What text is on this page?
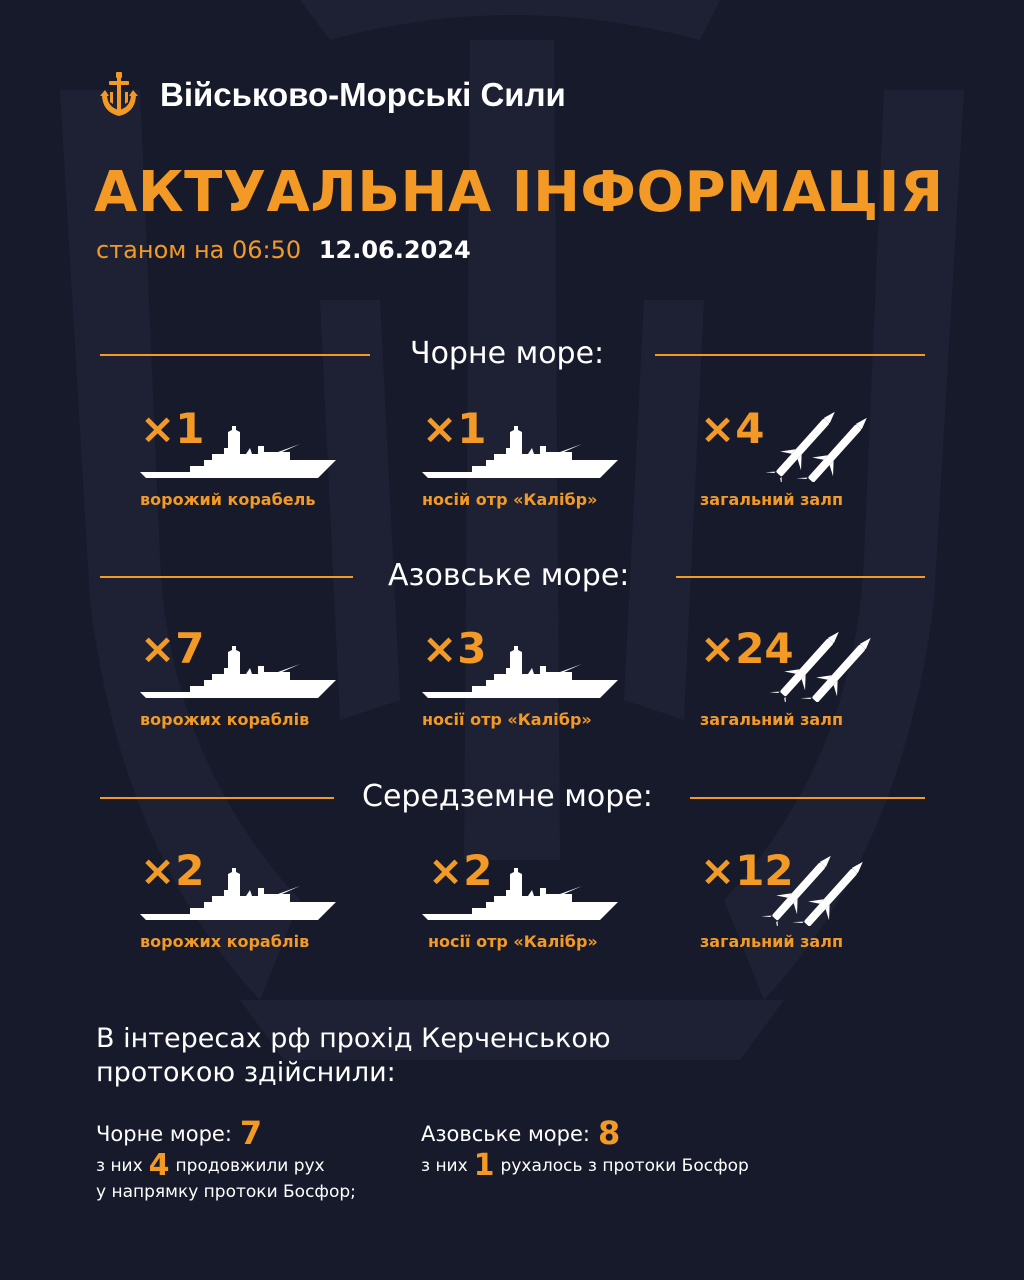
Військово-Морські Сили
АКТУАЛЬНА ІНФОРМАЦІЯ
станом на 06:50 12.06.2024
Чорне море:
×1
ворожий корабель
×1
носій отр «Калібр»
×4
загальний залп
Азовське море:
×7
ворожих кораблів
×3
носії отр «Калібр»
×24
загальний залп
Середземне море:
×2
ворожих кораблів
×2
носії отр «Калібр»
×12
загальний залп
В інтересах рф прохід Керченською
протокою здійснили:
Чорне море: 7
з них 4 продовжили рух
у напрямку протоки Босфор;
Азовське море: 8
з них 1 рухалось з протоки Босфор
